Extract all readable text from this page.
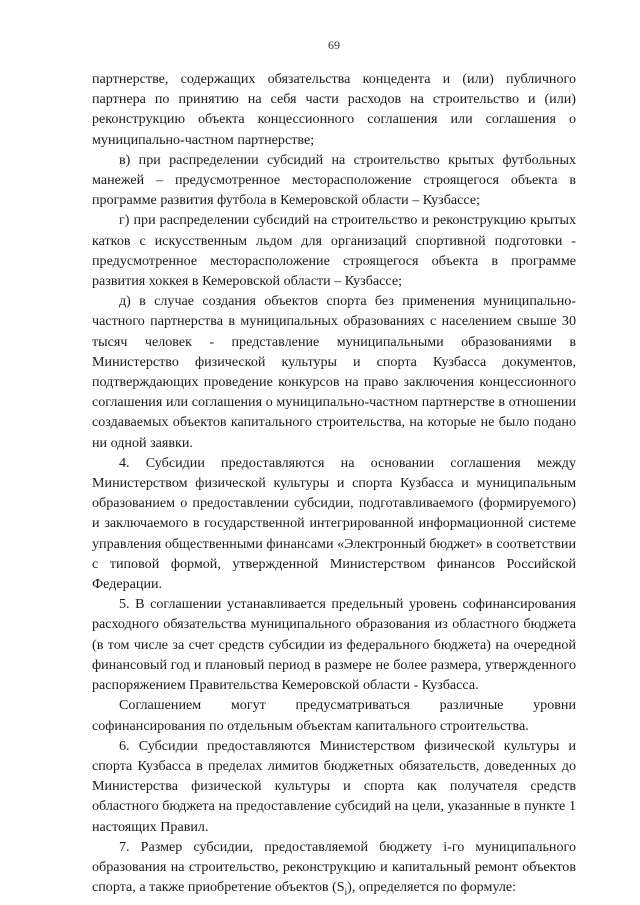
69

партнерстве, содержащих обязательства концедента и (или) публичного партнера по принятию на себя части расходов на строительство и (или) реконструкцию объекта концессионного соглашения или соглашения о муниципально-частном партнерстве;

в) при распределении субсидий на строительство крытых футбольных манежей – предусмотренное месторасположение строящегося объекта в программе развития футбола в Кемеровской области – Кузбассе;

г) при распределении субсидий на строительство и реконструкцию крытых катков с искусственным льдом для организаций спортивной подготовки - предусмотренное месторасположение строящегося объекта в программе развития хоккея в Кемеровской области – Кузбассе;

д) в случае создания объектов спорта без применения муниципально-частного партнерства в муниципальных образованиях с населением свыше 30 тысяч человек - представление муниципальными образованиями в Министерство физической культуры и спорта Кузбасса документов, подтверждающих проведение конкурсов на право заключения концессионного соглашения или соглашения о муниципально-частном партнерстве в отношении создаваемых объектов капитального строительства, на которые не было подано ни одной заявки.

4. Субсидии предоставляются на основании соглашения между Министерством физической культуры и спорта Кузбасса и муниципальным образованием о предоставлении субсидии, подготавливаемого (формируемого) и заключаемого в государственной интегрированной информационной системе управления общественными финансами «Электронный бюджет» в соответствии с типовой формой, утвержденной Министерством финансов Российской Федерации.

5. В соглашении устанавливается предельный уровень софинансирования расходного обязательства муниципального образования из областного бюджета (в том числе за счет средств субсидии из федерального бюджета) на очередной финансовый год и плановый период в размере не более размера, утвержденного распоряжением Правительства Кемеровской области - Кузбасса.

Соглашением могут предусматриваться различные уровни софинансирования по отдельным объектам капитального строительства.

6. Субсидии предоставляются Министерством физической культуры и спорта Кузбасса в пределах лимитов бюджетных обязательств, доведенных до Министерства физической культуры и спорта как получателя средств областного бюджета на предоставление субсидий на цели, указанные в пункте 1 настоящих Правил.

7. Размер субсидии, предоставляемой бюджету i-го муниципального образования на строительство, реконструкцию и капитальный ремонт объектов спорта, а также приобретение объектов $(S_i)$, определяется по формуле:
